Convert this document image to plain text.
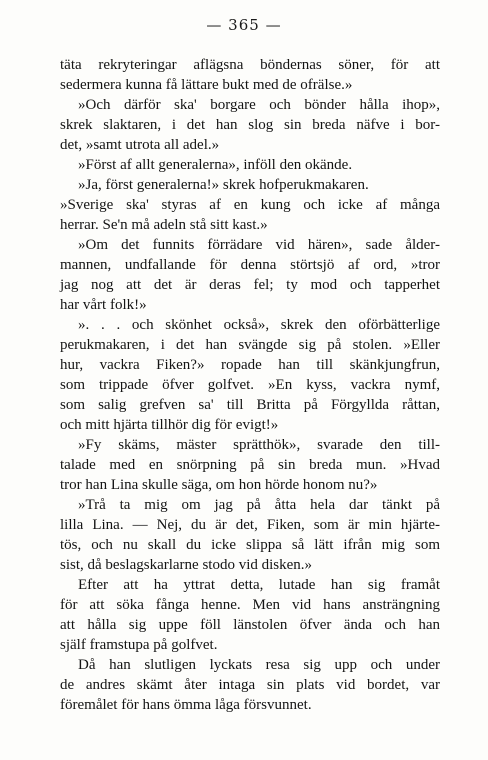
— 365 —
täta rekryteringar aflägsna böndernas söner, för att
sedermera kunna få lättare bukt med de ofrälse.»
»Och därför ska' borgare och bönder hålla ihop»,
skrek slaktaren, i det han slog sin breda näfve i bor-
det, »samt utrota all adel.»
»Först af allt generalerna», inföll den okände.
»Ja, först generalerna!» skrek hofperukmakaren.
»Sverige ska' styras af en kung och icke af många
herrar. Se'n må adeln stå sitt kast.»
»Om det funnits förrädare vid hären», sade ålder-
mannen, undfallande för denna störtsjö af ord, »tror
jag nog att det är deras fel; ty mod och tapperhet
har vårt folk!»
». . . och skönhet också», skrek den oförbätterlige
perukmakaren, i det han svängde sig på stolen. »Eller
hur, vackra Fiken?» ropade han till skänkjungfrun,
som trippade öfver golfvet. »En kyss, vackra nymf,
som salig grefven sa' till Britta på Förgyllda råttan,
och mitt hjärta tillhör dig för evigt!»
»Fy skäms, mäster sprätthök», svarade den till-
talade med en snörpning på sin breda mun. »Hvad
tror han Lina skulle säga, om hon hörde honom nu?»
»Trå ta mig om jag på åtta hela dar tänkt på
lilla Lina. — Nej, du är det, Fiken, som är min hjärte-
tös, och nu skall du icke slippa så lätt ifrån mig som
sist, då beslagskarlarne stodo vid disken.»
Efter att ha yttrat detta, lutade han sig framåt
för att söka fånga henne. Men vid hans ansträngning
att hålla sig uppe föll länstolen öfver ända och han
själf framstupa på golfvet.
Då han slutligen lyckats resa sig upp och under
de andres skämt åter intaga sin plats vid bordet, var
föremålet för hans ömma låga försvunnet.
